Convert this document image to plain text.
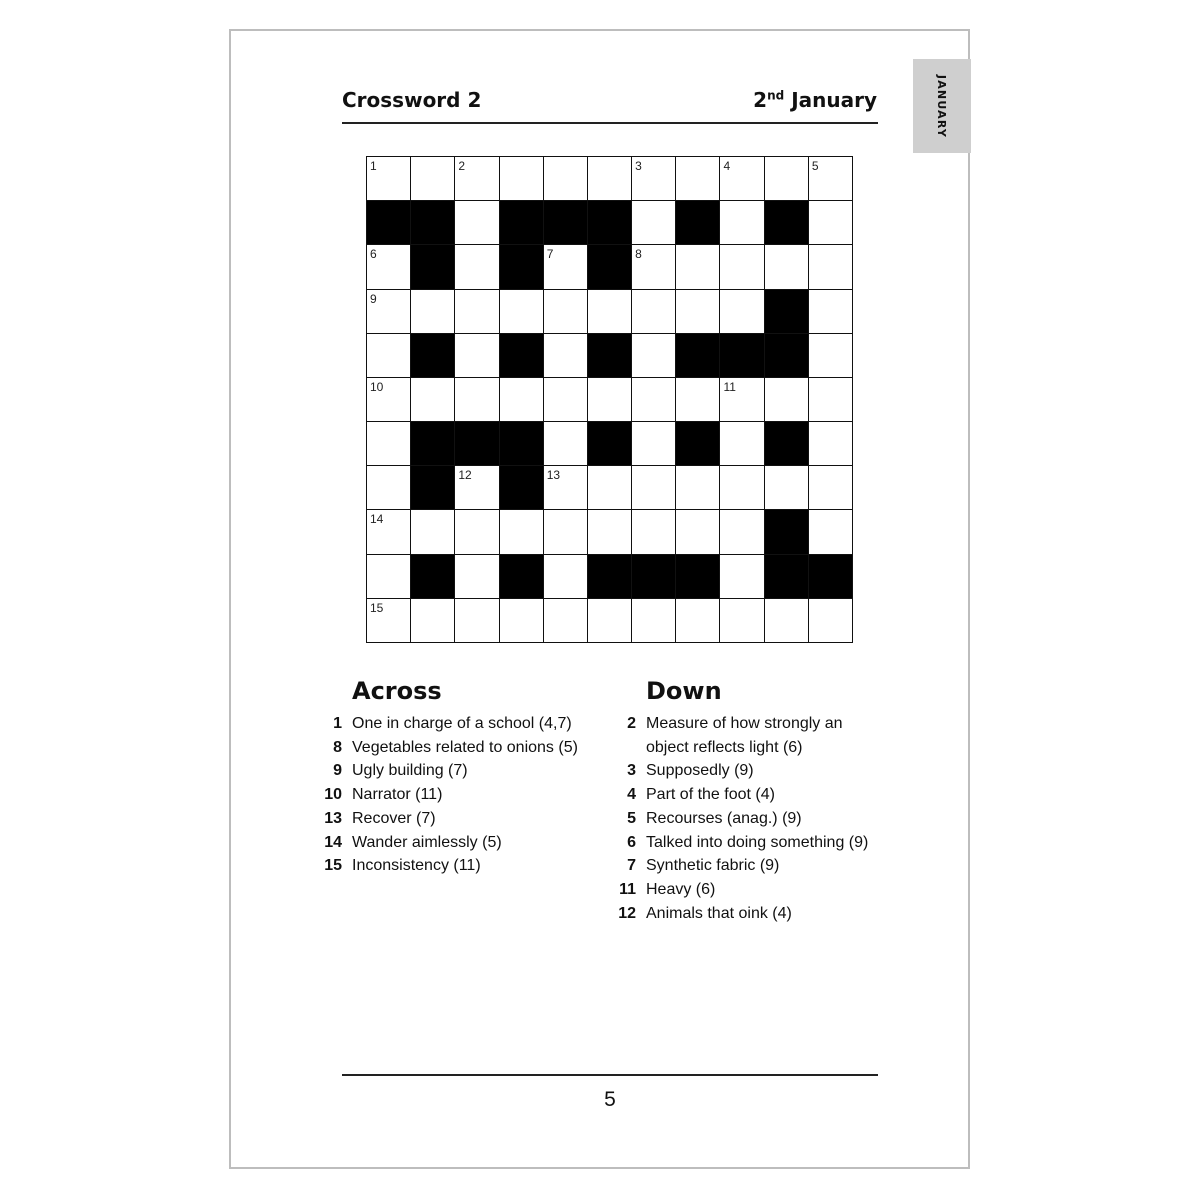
JANUARY
Crossword 2	2nd January
1	2	3	4	5
6	7	8
9
10	11
12	13
14
15
Across
1 One in charge of a school (4,7)
8 Vegetables related to onions (5)
9 Ugly building (7)
10 Narrator (11)
13 Recover (7)
14 Wander aimlessly (5)
15 Inconsistency (11)
Down
2 Measure of how strongly an object reflects light (6)
3 Supposedly (9)
4 Part of the foot (4)
5 Recourses (anag.) (9)
6 Talked into doing something (9)
7 Synthetic fabric (9)
11 Heavy (6)
12 Animals that oink (4)
5
